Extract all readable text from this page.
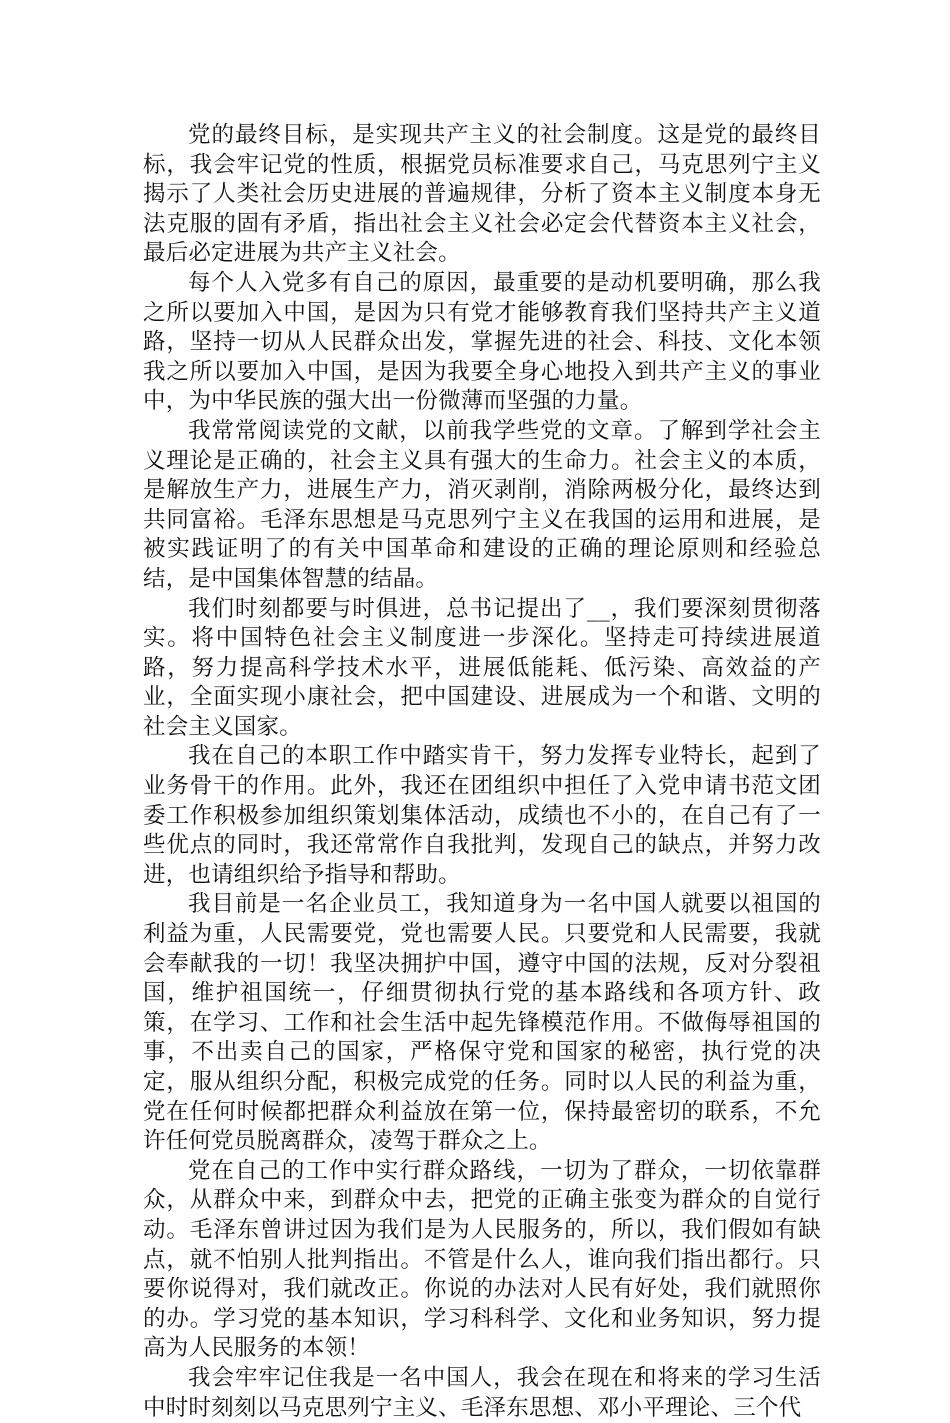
党的最终目标，是实现共产主义的社会制度。这是党的最终目标，我会牢记党的性质，根据党员标准要求自己，马克思列宁主义揭示了人类社会历史进展的普遍规律，分析了资本主义制度本身无法克服的固有矛盾，指出社会主义社会必定会代替资本主义社会，最后必定进展为共产主义社会。

每个人入党多有自己的原因，最重要的是动机要明确，那么我之所以要加入中国，是因为只有党才能够教育我们坚持共产主义道路，坚持一切从人民群众出发，掌握先进的社会、科技、文化本领我之所以要加入中国，是因为我要全身心地投入到共产主义的事业中，为中华民族的强大出一份微薄而坚强的力量。

我常常阅读党的文献，以前我学些党的文章。了解到学社会主义理论是正确的，社会主义具有强大的生命力。社会主义的本质，是解放生产力，进展生产力，消灭剥削，消除两极分化，最终达到共同富裕。毛泽东思想是马克思列宁主义在我国的运用和进展，是被实践证明了的有关中国革命和建设的正确的理论原则和经验总结，是中国集体智慧的结晶。

我们时刻都要与时俱进，总书记提出了__，我们要深刻贯彻落实。将中国特色社会主义制度进一步深化。坚持走可持续进展道路，努力提高科学技术水平，进展低能耗、低污染、高效益的产业，全面实现小康社会，把中国建设、进展成为一个和谐、文明的社会主义国家。

我在自己的本职工作中踏实肯干，努力发挥专业特长，起到了业务骨干的作用。此外，我还在团组织中担任了入党申请书范文团委工作积极参加组织策划集体活动，成绩也不小的，在自己有了一些优点的同时，我还常常作自我批判，发现自己的缺点，并努力改进，也请组织给予指导和帮助。

我目前是一名企业员工，我知道身为一名中国人就要以祖国的利益为重，人民需要党，党也需要人民。只要党和人民需要，我就会奉献我的一切！我坚决拥护中国，遵守中国的法规，反对分裂祖国，维护祖国统一，仔细贯彻执行党的基本路线和各项方针、政策，在学习、工作和社会生活中起先锋模范作用。不做侮辱祖国的事，不出卖自己的国家，严格保守党和国家的秘密，执行党的决定，服从组织分配，积极完成党的任务。同时以人民的利益为重，党在任何时候都把群众利益放在第一位，保持最密切的联系，不允许任何党员脱离群众，凌驾于群众之上。

党在自己的工作中实行群众路线，一切为了群众，一切依靠群众，从群众中来，到群众中去，把党的正确主张变为群众的自觉行动。毛泽东曾讲过因为我们是为人民服务的，所以，我们假如有缺点，就不怕别人批判指出。不管是什么人，谁向我们指出都行。只要你说得对，我们就改正。你说的办法对人民有好处，我们就照你的办。学习党的基本知识，学习科科学、文化和业务知识，努力提高为人民服务的本领！

我会牢牢记住我是一名中国人，我会在现在和将来的学习生活中时时刻刻以马克思列宁主义、毛泽东思想、邓小平理论、三个代
